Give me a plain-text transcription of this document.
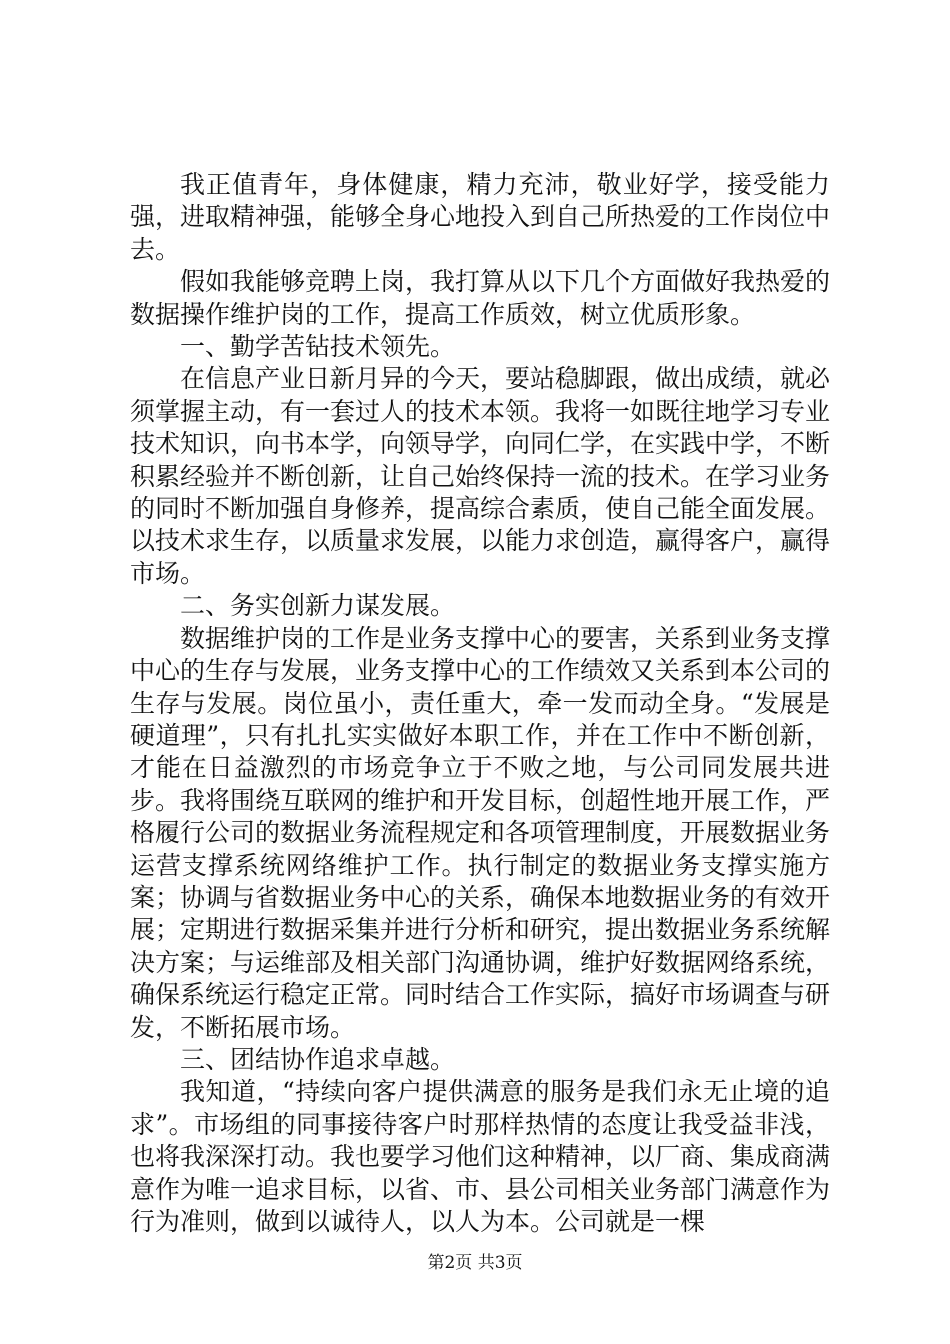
我正值青年，身体健康，精力充沛，敬业好学，接受能力强，进取精神强，能够全身心地投入到自己所热爱的工作岗位中去。

假如我能够竞聘上岗，我打算从以下几个方面做好我热爱的数据操作维护岗的工作，提高工作质效，树立优质形象。

一、勤学苦钻技术领先。

在信息产业日新月异的今天，要站稳脚跟，做出成绩，就必须掌握主动，有一套过人的技术本领。我将一如既往地学习专业技术知识，向书本学，向领导学，向同仁学，在实践中学，不断积累经验并不断创新，让自己始终保持一流的技术。在学习业务的同时不断加强自身修养，提高综合素质，使自己能全面发展。以技术求生存，以质量求发展，以能力求创造，赢得客户，赢得市场。

二、务实创新力谋发展。

数据维护岗的工作是业务支撑中心的要害，关系到业务支撑中心的生存与发展，业务支撑中心的工作绩效又关系到本公司的生存与发展。岗位虽小，责任重大，牵一发而动全身。“发展是硬道理”，只有扎扎实实做好本职工作，并在工作中不断创新，才能在日益激烈的市场竞争立于不败之地，与公司同发展共进步。我将围绕互联网的维护和开发目标，创超性地开展工作，严格履行公司的数据业务流程规定和各项管理制度，开展数据业务运营支撑系统网络维护工作。执行制定的数据业务支撑实施方案；协调与省数据业务中心的关系，确保本地数据业务的有效开展；定期进行数据采集并进行分析和研究，提出数据业务系统解决方案；与运维部及相关部门沟通协调，维护好数据网络系统，确保系统运行稳定正常。同时结合工作实际，搞好市场调查与研发，不断拓展市场。

三、团结协作追求卓越。

我知道，“持续向客户提供满意的服务是我们永无止境的追求”。市场组的同事接待客户时那样热情的态度让我受益非浅，也将我深深打动。我也要学习他们这种精神，以厂商、集成商满意作为唯一追求目标，以省、市、县公司相关业务部门满意作为行为准则，做到以诚待人，以人为本。公司就是一棵

第2页 共3页
